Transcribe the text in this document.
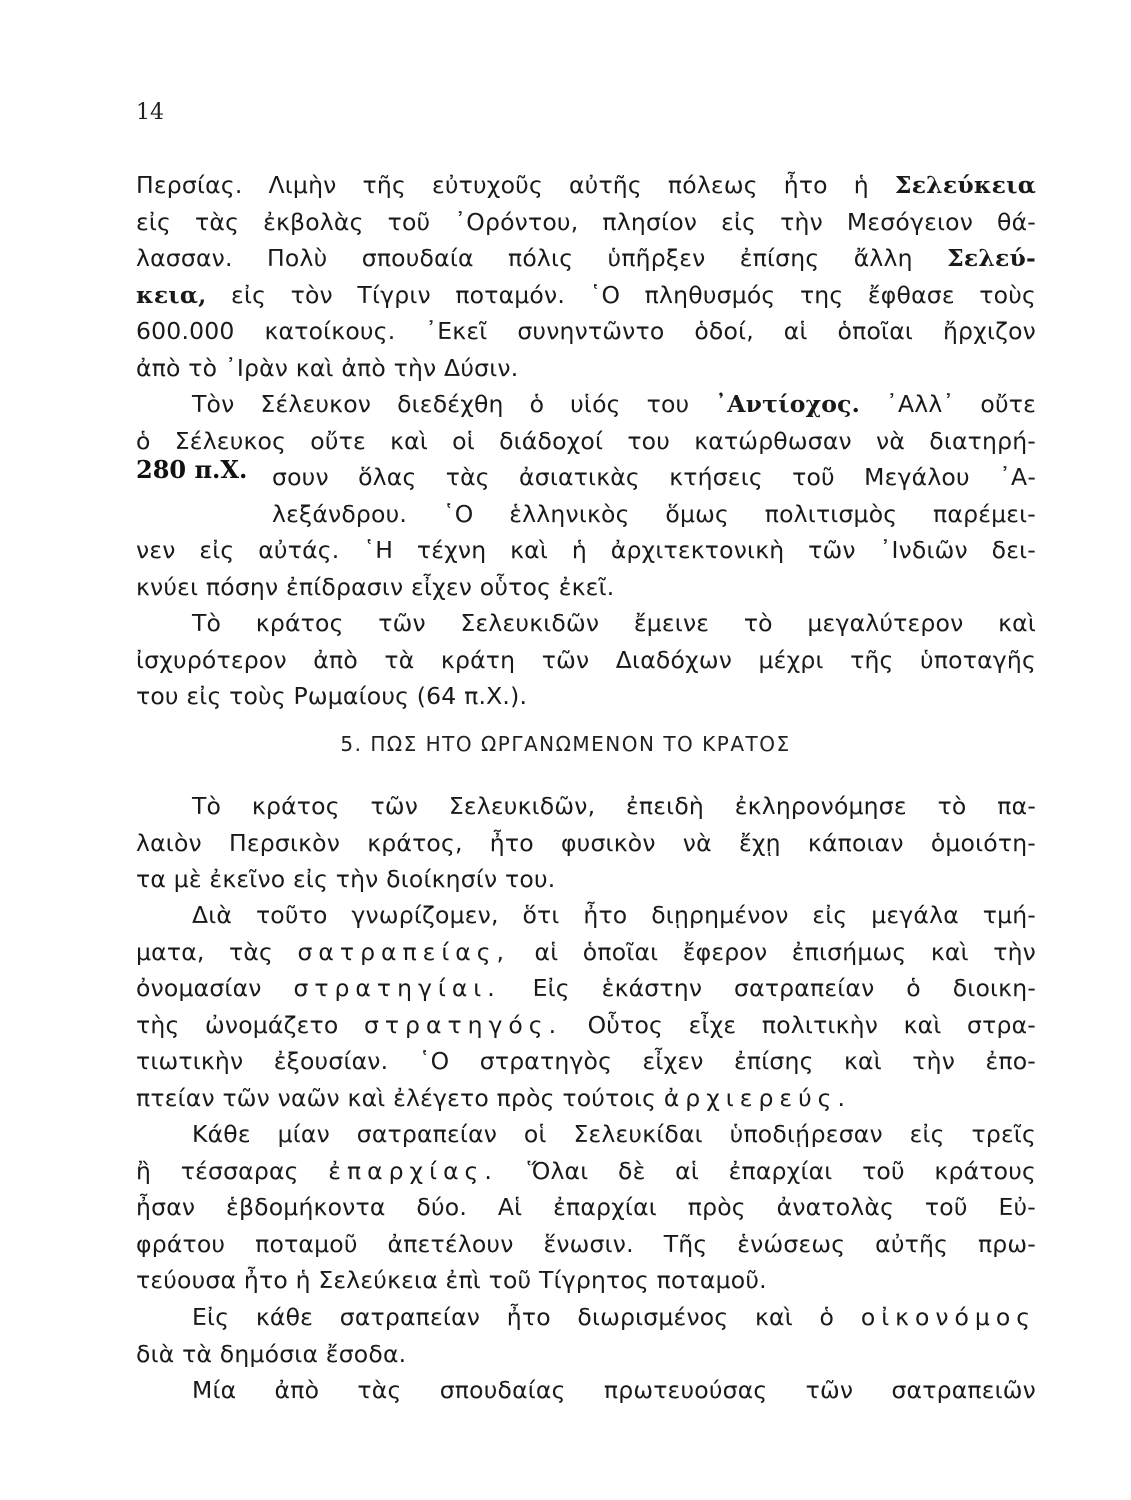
14
Περσίας. Λιμὴν τῆς εὐτυχοῦς αὐτῆς πόλεως ἦτο ἡ Σελεύκεια
εἰς τὰς ἐκβολὰς τοῦ ᾿Ορόντου, πλησίον εἰς τὴν Μεσόγειον θά-
λασσαν. Πολὺ σπουδαία πόλις ὑπῆρξεν ἐπίσης ἄλλη Σελεύ-
κεια, εἰς τὸν Τίγριν ποταμόν. ῾Ο πληθυσμός της ἔφθασε τοὺς
600.000 κατοίκους. ᾿Εκεῖ συνηντῶντο ὁδοί, αἱ ὁποῖαι ἤρχιζον
ἀπὸ τὸ ᾿Ιρὰν καὶ ἀπὸ τὴν Δύσιν.
Τὸν Σέλευκον διεδέχθη ὁ υἱός του ᾿Αντίοχος. ᾿Αλλ᾿ οὔτε
ὁ Σέλευκος οὔτε καὶ οἱ διάδοχοί του κατώρθωσαν νὰ διατηρή-
σουν ὅλας τὰς ἀσιατικὰς κτήσεις τοῦ Μεγάλου ᾿Α-
λεξάνδρου. ῾Ο ἑλληνικὸς ὅμως πολιτισμὸς παρέμει-
νεν εἰς αὐτάς. ῾Η τέχνη καὶ ἡ ἀρχιτεκτονικὴ τῶν ᾿Ινδιῶν δει-
κνύει πόσην ἐπίδρασιν εἶχεν οὗτος ἐκεῖ.
280 π.Χ.
Τὸ κράτος τῶν Σελευκιδῶν ἔμεινε τὸ μεγαλύτερον καὶ
ἰσχυρότερον ἀπὸ τὰ κράτη τῶν Διαδόχων μέχρι τῆς ὑποταγῆς
του εἰς τοὺς Ρωμαίους (64 π.Χ.).
5. ΠΩΣ ΗΤΟ ΩΡΓΑΝΩΜΕΝΟΝ ΤΟ ΚΡΑΤΟΣ
Τὸ κράτος τῶν Σελευκιδῶν, ἐπειδὴ ἐκληρονόμησε τὸ πα-
λαιὸν Περσικὸν κράτος, ἦτο φυσικὸν νὰ ἔχῃ κάποιαν ὁμοιότη-
τα μὲ ἐκεῖνο εἰς τὴν διοίκησίν του.
Διὰ τοῦτο γνωρίζομεν, ὅτι ἦτο διῃρημένον εἰς μεγάλα τμή-
ματα, τὰς σατραπείας, αἱ ὁποῖαι ἔφερον ἐπισήμως καὶ τὴν
ὀνομασίαν στρατηγίαι. Εἰς ἑκάστην σατραπείαν ὁ διοικη-
τὴς ὠνομάζετο στρατηγός. Οὗτος εἶχε πολιτικὴν καὶ στρα-
τιωτικὴν ἐξουσίαν. ῾Ο στρατηγὸς εἶχεν ἐπίσης καὶ τὴν ἐπο-
πτείαν τῶν ναῶν καὶ ἐλέγετο πρὸς τούτοις ἀρχιερεύς.
Κάθε μίαν σατραπείαν οἱ Σελευκίδαι ὑποδιῄρεσαν εἰς τρεῖς
ἢ τέσσαρας ἐπαρχίας. Ὅλαι δὲ αἱ ἐπαρχίαι τοῦ κράτους
ἦσαν ἑβδομήκοντα δύο. Αἱ ἐπαρχίαι πρὸς ἀνατολὰς τοῦ Εὐ-
φράτου ποταμοῦ ἀπετέλουν ἕνωσιν. Τῆς ἑνώσεως αὐτῆς πρω-
τεύουσα ἦτο ἡ Σελεύκεια ἐπὶ τοῦ Τίγρητος ποταμοῦ.
Εἰς κάθε σατραπείαν ἦτο διωρισμένος καὶ ὁ οἰκονόμος
διὰ τὰ δημόσια ἔσοδα.
Μία ἀπὸ τὰς σπουδαίας πρωτευούσας τῶν σατραπειῶν
